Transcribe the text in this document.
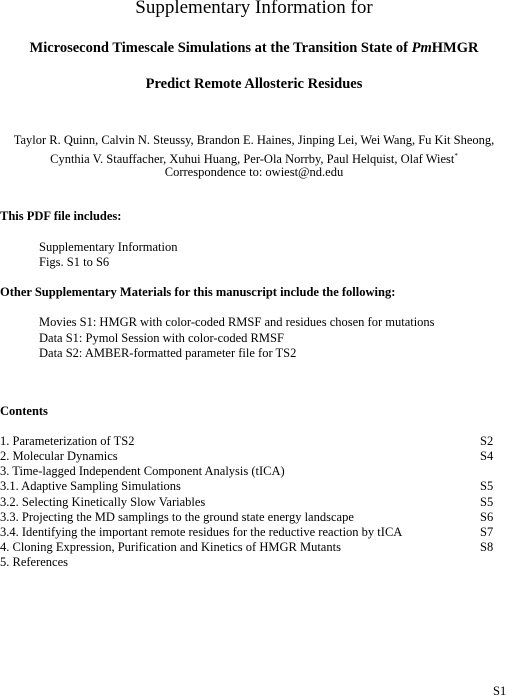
Supplementary Information for
Microsecond Timescale Simulations at the Transition State of PmHMGR
Predict Remote Allosteric Residues
Taylor R. Quinn, Calvin N. Steussy, Brandon E. Haines, Jinping Lei, Wei Wang, Fu Kit Sheong,
Cynthia V. Stauffacher, Xuhui Huang, Per-Ola Norrby, Paul Helquist, Olaf Wiest*
Correspondence to: owiest@nd.edu
This PDF file includes:
Supplementary Information
Figs. S1 to S6
Other Supplementary Materials for this manuscript include the following:
Movies S1: HMGR with color-coded RMSF and residues chosen for mutations
Data S1: Pymol Session with color-coded RMSF
Data S2: AMBER-formatted parameter file for TS2
Contents
1. Parameterization of TS2	S2
2. Molecular Dynamics	S4
3. Time-lagged Independent Component Analysis (tICA)
3.1. Adaptive Sampling Simulations	S5
3.2. Selecting Kinetically Slow Variables	S5
3.3. Projecting the MD samplings to the ground state energy landscape	S6
3.4. Identifying the important remote residues for the reductive reaction by tICA	S7
4. Cloning Expression, Purification and Kinetics of HMGR Mutants	S8
5. References
S1
